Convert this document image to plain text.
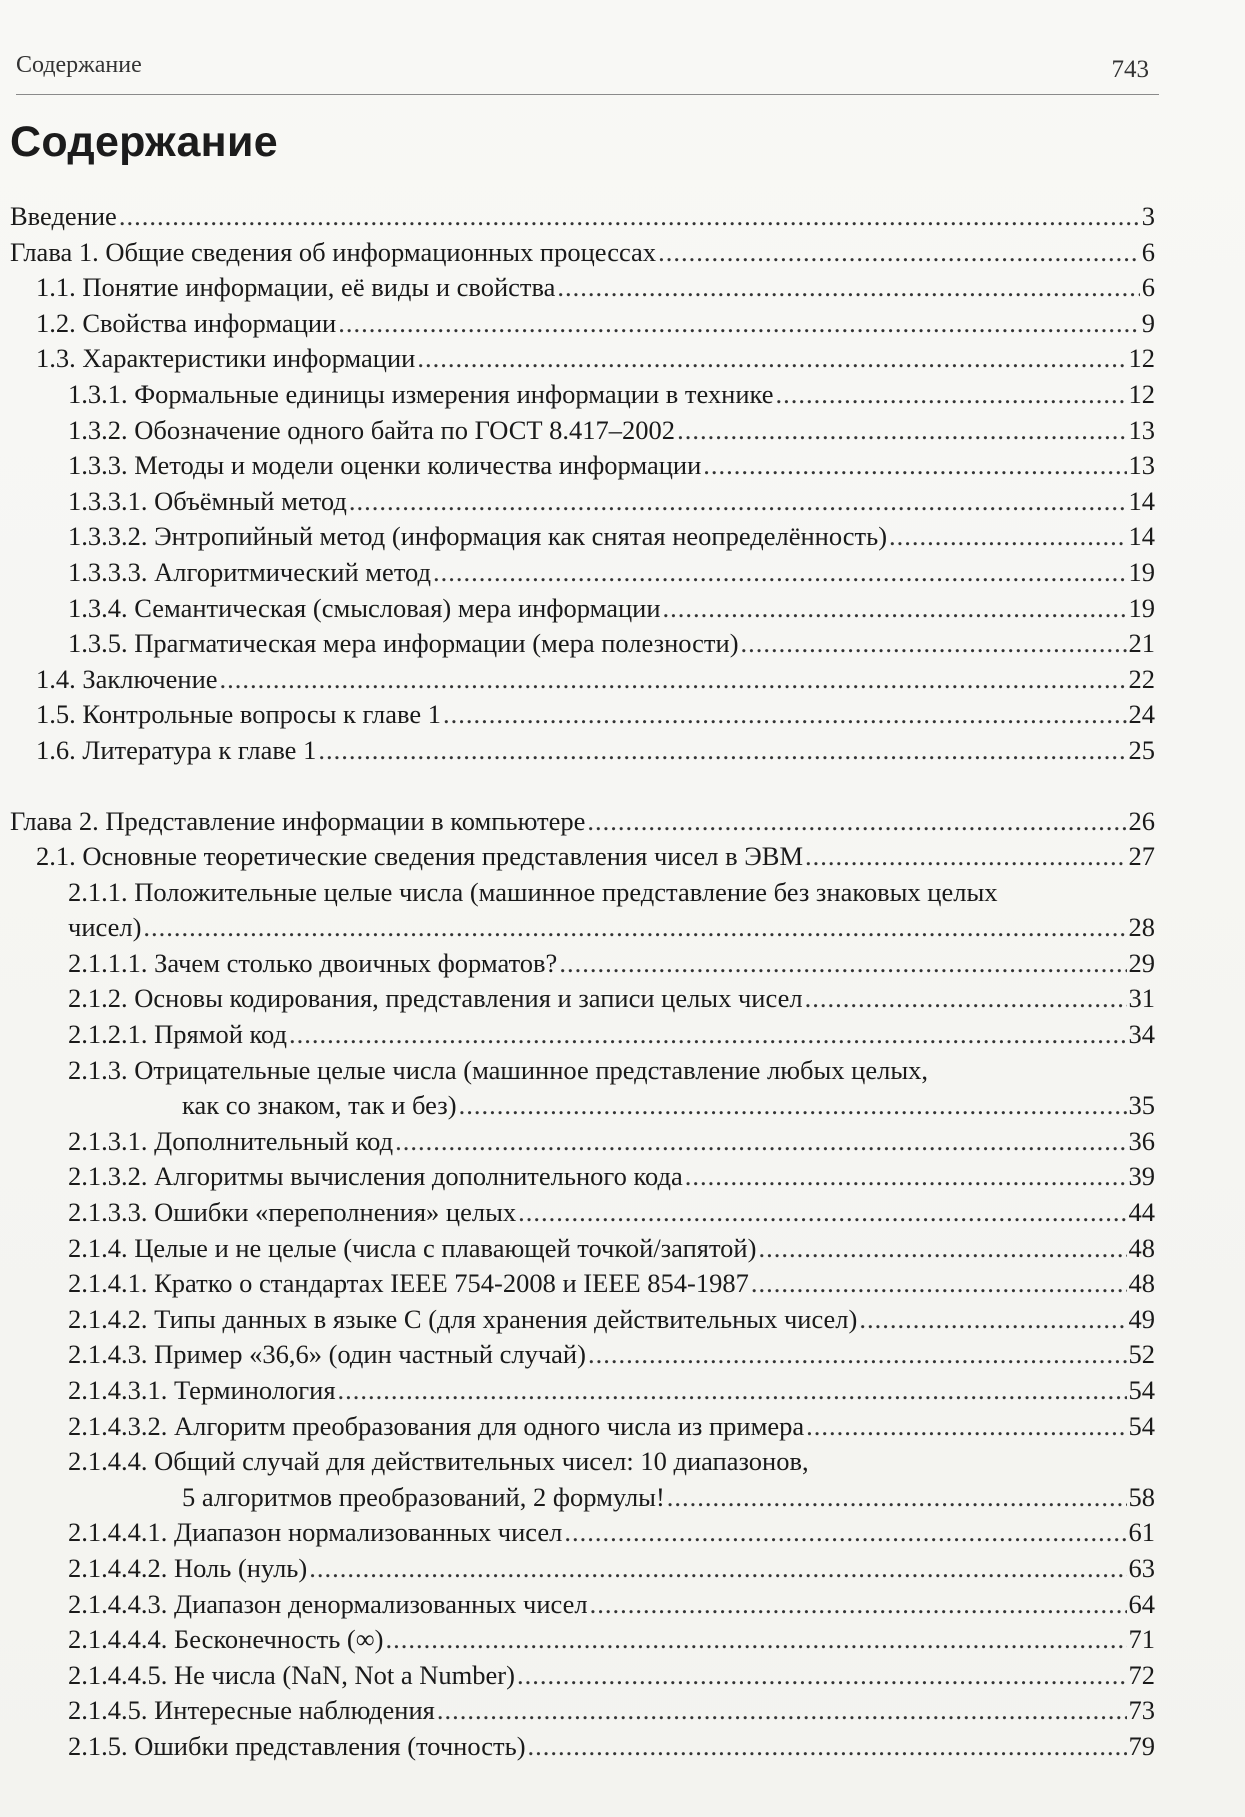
Содержание	743
Содержание
Введение .....	3
Глава 1. Общие сведения об информационных процессах .....	6
1.1. Понятие информации, её виды и свойства .....	6
1.2. Свойства информации .....	9
1.3. Характеристики информации .....	12
1.3.1. Формальные единицы измерения информации в технике .....	12
1.3.2. Обозначение одного байта по ГОСТ 8.417–2002 .....	13
1.3.3. Методы и модели оценки количества информации .....	13
1.3.3.1. Объёмный метод .....	14
1.3.3.2. Энтропийный метод (информация как снятая неопределённость) .....	14
1.3.3.3. Алгоритмический метод .....	19
1.3.4. Семантическая (смысловая) мера информации .....	19
1.3.5. Прагматическая мера информации (мера полезности) .....	21
1.4. Заключение .....	22
1.5. Контрольные вопросы к главе 1 .....	24
1.6. Литература к главе 1 .....	25
Глава 2. Представление информации в компьютере .....	26
2.1. Основные теоретические сведения представления чисел в ЭВМ .....	27
2.1.1. Положительные целые числа (машинное представление без знаковых целых
чисел) .....	28
2.1.1.1. Зачем столько двоичных форматов? .....	29
2.1.2. Основы кодирования, представления и записи целых чисел .....	31
2.1.2.1. Прямой код .....	34
2.1.3. Отрицательные целые числа (машинное представление любых целых,
как со знаком, так и без) .....	35
2.1.3.1. Дополнительный код .....	36
2.1.3.2. Алгоритмы вычисления дополнительного кода .....	39
2.1.3.3. Ошибки «переполнения» целых .....	44
2.1.4. Целые и не целые (числа с плавающей точкой/запятой) .....	48
2.1.4.1. Кратко о стандартах IEEE 754-2008 и IEEE 854-1987 .....	48
2.1.4.2. Типы данных в языке С (для хранения действительных чисел) .....	49
2.1.4.3. Пример «36,6» (один частный случай) .....	52
2.1.4.3.1. Терминология .....	54
2.1.4.3.2. Алгоритм преобразования для одного числа из примера .....	54
2.1.4.4. Общий случай для действительных чисел: 10 диапазонов,
5 алгоритмов преобразований, 2 формулы! .....	58
2.1.4.4.1. Диапазон нормализованных чисел .....	61
2.1.4.4.2. Ноль (нуль) .....	63
2.1.4.4.3. Диапазон денормализованных чисел .....	64
2.1.4.4.4. Бесконечность (∞) .....	71
2.1.4.4.5. Не числа (NaN, Not a Number) .....	72
2.1.4.5. Интересные наблюдения .....	73
2.1.5. Ошибки представления (точность) .....	79
